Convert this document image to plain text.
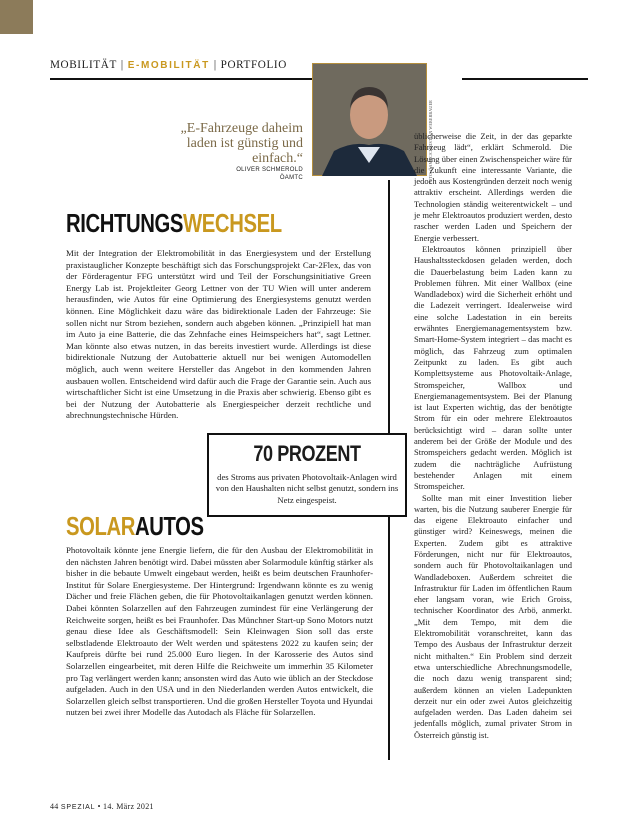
MOBILITÄT | E-MOBILITÄT | PORTFOLIO
FOTO: ÖAMTC/CHRISTIAN WEBERBAUER
„E-Fahrzeuge daheim laden ist günstig und einfach.“
OLIVER SCHMEROLD
ÖAMTC
RICHTUNGSWECHSEL
Mit der Integration der Elektromobilität in das Energiesystem und der Erstellung praxistauglicher Konzepte beschäftigt sich das Forschungsprojekt Car-2Flex, das von der Förderagentur FFG unterstützt wird und Teil der Forschungsinitiative Green Energy Lab ist. Projektleiter Georg Lettner von der TU Wien will unter anderem herausfinden, wie Autos für eine Optimierung des Energiesystems genutzt werden können. Eine Möglichkeit dazu wäre das bidirektionale Laden der Fahrzeuge: Sie sollen nicht nur Strom beziehen, sondern auch abgeben können. „Prinzipiell hat man im Auto ja eine Batterie, die das Zehnfache eines Heimspeichers hat“, sagt Lettner. Man könnte also etwas nutzen, in das bereits investiert wurde. Allerdings ist diese bidirektionale Nutzung der Autobatterie aktuell nur bei wenigen Automodellen möglich, auch wenn weitere Hersteller das Angebot in den kommenden Jahren ausbauen wollen. Entscheidend wird dafür auch die Frage der Garantie sein. Auch aus wirtschaftlicher Sicht ist eine Umsetzung in die Praxis aber schwierig. Ebenso gibt es bei der Nutzung der Autobatterie als Energiespeicher derzeit rechtliche und abrechnungstechnische Hürden.
70 PROZENT
des Stroms aus privaten Photovoltaik-Anlagen wird von den Haushalten nicht selbst genutzt, sondern ins Netz eingespeist.
SOLARAUTOS
Photovoltaik könnte jene Energie liefern, die für den Ausbau der Elektromobilität in den nächsten Jahren benötigt wird. Dabei müssten aber Solarmodule künftig stärker als bisher in die bebaute Umwelt eingebaut werden, heißt es beim deutschen Fraunhofer-Institut für Solare Energiesysteme. Der Hintergrund: Irgendwann könnte es zu wenig Dächer und freie Flächen geben, die für Photovoltaikanlagen genutzt werden können. Dabei könnten Solarzellen auf den Fahrzeugen zumindest für eine Verlängerung der Reichweite sorgen, heißt es bei Fraunhofer. Das Münchner Start-up Sono Motors nutzt genau diese Idee als Geschäftsmodell: Sein Kleinwagen Sion soll das erste selbstladende Elektroauto der Welt werden und spätestens 2022 zu kaufen sein; der Kaufpreis dürfte bei rund 25.000 Euro liegen. In der Karosserie des Autos sind Solarzellen eingearbeitet, mit deren Hilfe die Reichweite um immerhin 35 Kilometer pro Tag verlängert werden kann; ansonsten wird das Auto wie üblich an der Steckdose aufgeladen. Auch in den USA und in den Niederlanden werden Autos entwickelt, die Solarzellen gleich selbst transportieren. Und die großen Hersteller Toyota und Hyundai nutzen bei zwei ihrer Modelle das Autodach als Fläche für Solarzellen.
üblicherweise die Zeit, in der das geparkte Fahrzeug lädt“, erklärt Schmerold. Die Lösung über einen Zwischenspeicher wäre für die Zukunft eine interessante Variante, die jedoch aus Kostengründen derzeit noch wenig attraktiv erscheint. Allerdings werden die Technologien ständig weiterentwickelt – und je mehr Elektroautos produziert werden, desto rascher werden Laden und Speichern der Energie verbessert.
Elektroautos können prinzipiell über Haushaltssteckdosen geladen werden, doch die Dauerbelastung beim Laden kann zu Problemen führen. Mit einer Wallbox (eine Wandladebox) wird die Sicherheit erhöht und die Ladezeit verringert. Idealerweise wird eine solche Ladestation in ein bereits erwähntes Energiemanagementsystem bzw. Smart-Home-System integriert – das macht es möglich, das Fahrzeug zum optimalen Zeitpunkt zu laden. Es gibt auch Komplettsysteme aus Photovoltaik-Anlage, Stromspeicher, Wallbox und Energiemanagementsystem. Bei der Planung ist laut Experten wichtig, das der benötigte Strom für ein oder mehrere Elektroautos berücksichtigt wird – daran sollte unter anderem bei der Größe der Module und des Stromspeichers gedacht werden. Möglich ist zudem die nachträgliche Aufrüstung bestehender Anlagen mit einem Stromspeicher.
Sollte man mit einer Investition lieber warten, bis die Nutzung sauberer Energie für das eigene Elektroauto einfacher und günstiger wird? Keineswegs, meinen die Experten. Zudem gibt es attraktive Förderungen, nicht nur für Elektroautos, sondern auch für Photovoltaikanlagen und Wandladeboxen. Außerdem schreitet die Infrastruktur für Laden im öffentlichen Raum eher langsam voran, wie Erich Groiss, technischer Koordinator des Arbö, anmerkt. „Mit dem Tempo, mit dem die Elektromobilität voranschreitet, kann das Tempo des Ausbaus der Infrastruktur derzeit nicht mithalten.“ Ein Problem sind derzeit etwa unterschiedliche Abrechnungsmodelle, die noch dazu wenig transparent sind; außerdem können an vielen Ladepunkten derzeit nur ein oder zwei Autos gleichzeitig aufgeladen werden. Das Laden daheim sei jedenfalls möglich, zumal privater Strom in Österreich günstig ist.
44 SPEZIAL • 14. März 2021
